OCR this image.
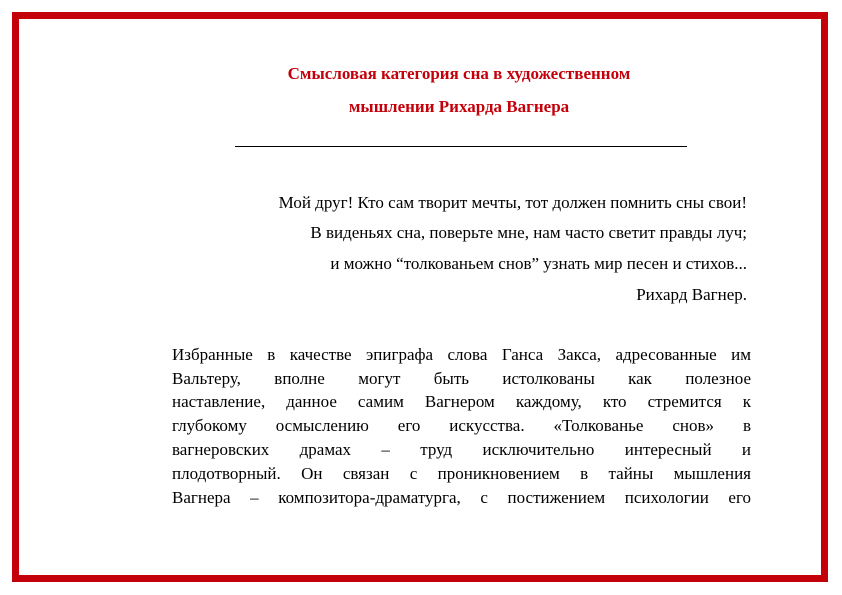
Смысловая категория сна в художественном
мышлении Рихарда Вагнера
Мой друг! Кто сам творит мечты, тот должен помнить сны свои!
В виденьях сна, поверьте мне, нам часто светит правды луч;
и можно “толкованьем снов” узнать мир песен и стихов...
Рихард Вагнер.
Избранные в качестве эпиграфа слова Ганса Закса, адресованные им
Вальтеру, вполне могут быть истолкованы как полезное
наставление, данное самим Вагнером каждому, кто стремится к
глубокому осмыслению его искусства. «Толкованье снов» в
вагнеровских драмах – труд исключительно интересный и
плодотворный. Он связан с проникновением в тайны мышления
Вагнера – композитора-драматурга, с постижением психологии его
